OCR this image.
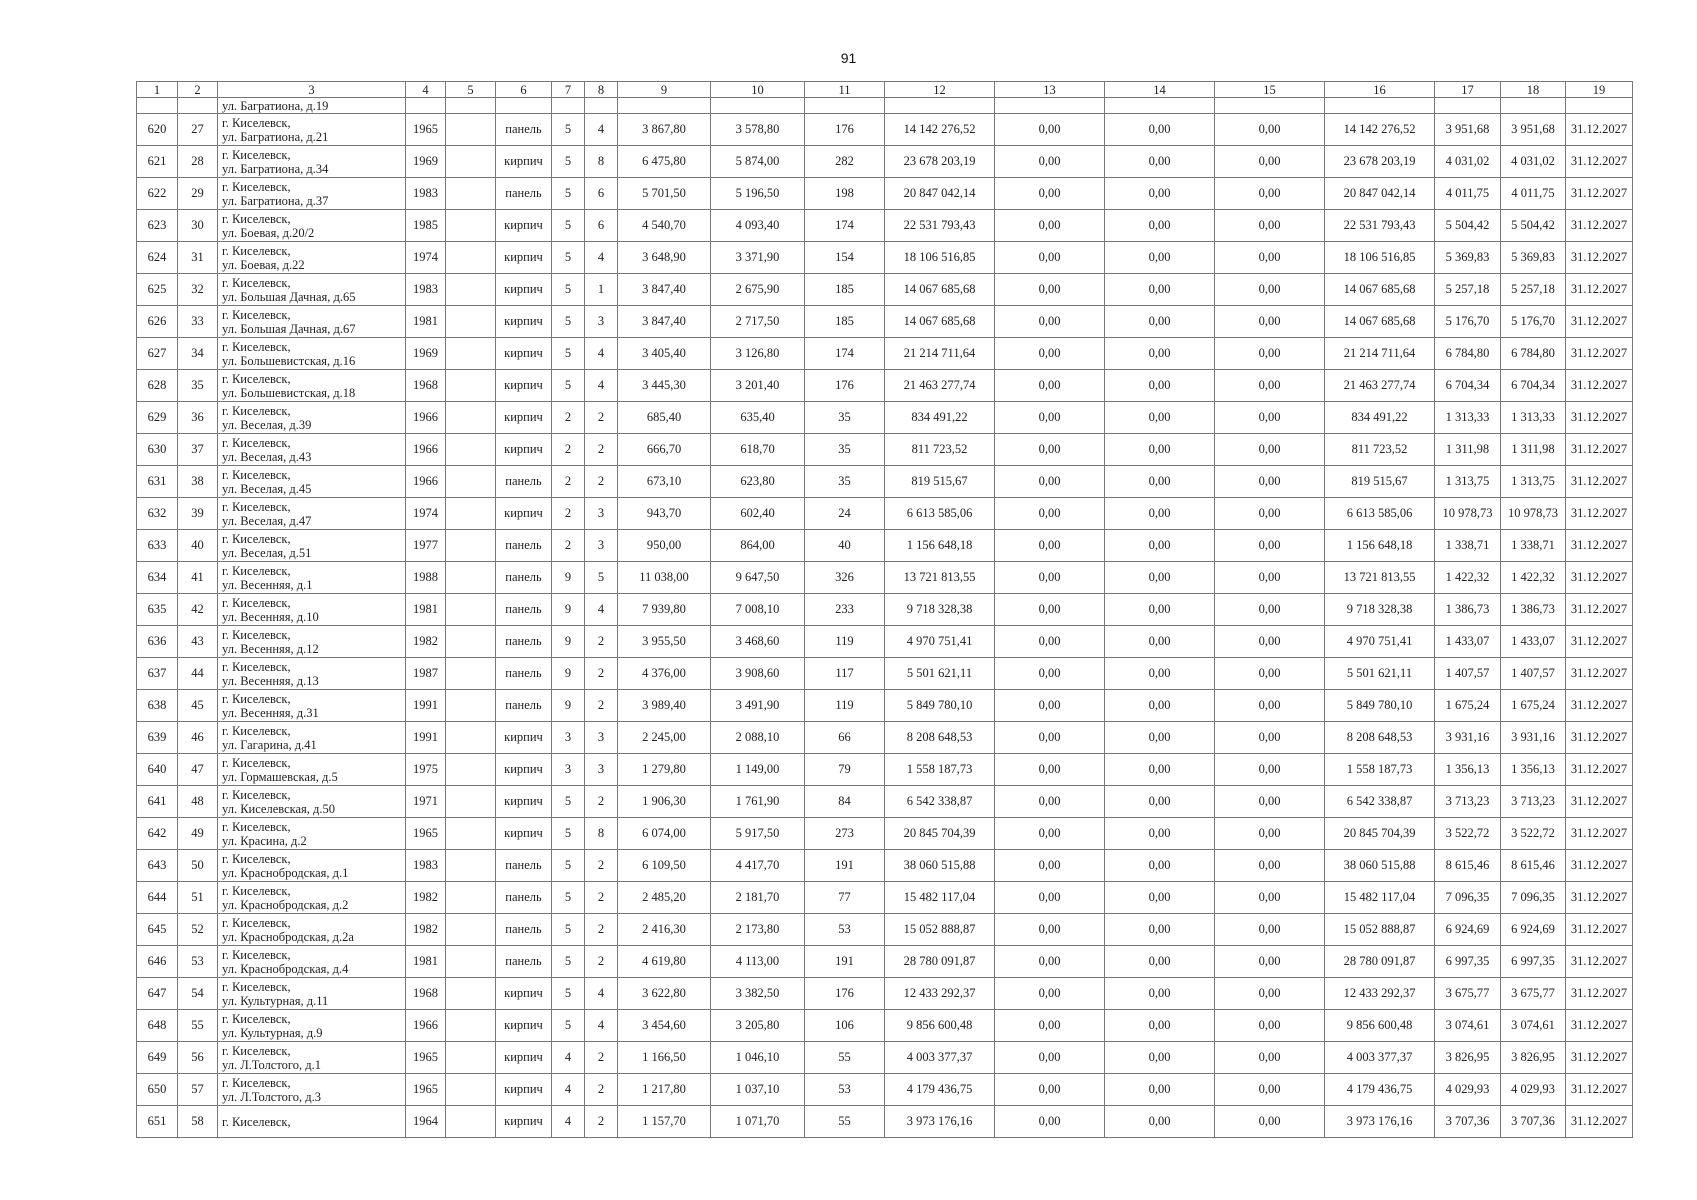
91
1	2	3	4	5	6	7	8	9	10	11	12	13	14	15	16	17	18	19
		ул. Багратиона, д.19																
620	27	г. Киселевск,
ул. Багратиона, д.21	1965		панель	5	4	3 867,80	3 578,80	176	14 142 276,52	0,00	0,00	0,00	14 142 276,52	3 951,68	3 951,68	31.12.2027
621	28	г. Киселевск,
ул. Багратиона, д.34	1969		кирпич	5	8	6 475,80	5 874,00	282	23 678 203,19	0,00	0,00	0,00	23 678 203,19	4 031,02	4 031,02	31.12.2027
622	29	г. Киселевск,
ул. Багратиона, д.37	1983		панель	5	6	5 701,50	5 196,50	198	20 847 042,14	0,00	0,00	0,00	20 847 042,14	4 011,75	4 011,75	31.12.2027
623	30	г. Киселевск,
ул. Боевая, д.20/2	1985		кирпич	5	6	4 540,70	4 093,40	174	22 531 793,43	0,00	0,00	0,00	22 531 793,43	5 504,42	5 504,42	31.12.2027
624	31	г. Киселевск,
ул. Боевая, д.22	1974		кирпич	5	4	3 648,90	3 371,90	154	18 106 516,85	0,00	0,00	0,00	18 106 516,85	5 369,83	5 369,83	31.12.2027
625	32	г. Киселевск,
ул. Большая Дачная, д.65	1983		кирпич	5	1	3 847,40	2 675,90	185	14 067 685,68	0,00	0,00	0,00	14 067 685,68	5 257,18	5 257,18	31.12.2027
626	33	г. Киселевск,
ул. Большая Дачная, д.67	1981		кирпич	5	3	3 847,40	2 717,50	185	14 067 685,68	0,00	0,00	0,00	14 067 685,68	5 176,70	5 176,70	31.12.2027
627	34	г. Киселевск,
ул. Большевистская, д.16	1969		кирпич	5	4	3 405,40	3 126,80	174	21 214 711,64	0,00	0,00	0,00	21 214 711,64	6 784,80	6 784,80	31.12.2027
628	35	г. Киселевск,
ул. Большевистская, д.18	1968		кирпич	5	4	3 445,30	3 201,40	176	21 463 277,74	0,00	0,00	0,00	21 463 277,74	6 704,34	6 704,34	31.12.2027
629	36	г. Киселевск,
ул. Веселая, д.39	1966		кирпич	2	2	685,40	635,40	35	834 491,22	0,00	0,00	0,00	834 491,22	1 313,33	1 313,33	31.12.2027
630	37	г. Киселевск,
ул. Веселая, д.43	1966		кирпич	2	2	666,70	618,70	35	811 723,52	0,00	0,00	0,00	811 723,52	1 311,98	1 311,98	31.12.2027
631	38	г. Киселевск,
ул. Веселая, д.45	1966		панель	2	2	673,10	623,80	35	819 515,67	0,00	0,00	0,00	819 515,67	1 313,75	1 313,75	31.12.2027
632	39	г. Киселевск,
ул. Веселая, д.47	1974		кирпич	2	3	943,70	602,40	24	6 613 585,06	0,00	0,00	0,00	6 613 585,06	10 978,73	10 978,73	31.12.2027
633	40	г. Киселевск,
ул. Веселая, д.51	1977		панель	2	3	950,00	864,00	40	1 156 648,18	0,00	0,00	0,00	1 156 648,18	1 338,71	1 338,71	31.12.2027
634	41	г. Киселевск,
ул. Весенняя, д.1	1988		панель	9	5	11 038,00	9 647,50	326	13 721 813,55	0,00	0,00	0,00	13 721 813,55	1 422,32	1 422,32	31.12.2027
635	42	г. Киселевск,
ул. Весенняя, д.10	1981		панель	9	4	7 939,80	7 008,10	233	9 718 328,38	0,00	0,00	0,00	9 718 328,38	1 386,73	1 386,73	31.12.2027
636	43	г. Киселевск,
ул. Весенняя, д.12	1982		панель	9	2	3 955,50	3 468,60	119	4 970 751,41	0,00	0,00	0,00	4 970 751,41	1 433,07	1 433,07	31.12.2027
637	44	г. Киселевск,
ул. Весенняя, д.13	1987		панель	9	2	4 376,00	3 908,60	117	5 501 621,11	0,00	0,00	0,00	5 501 621,11	1 407,57	1 407,57	31.12.2027
638	45	г. Киселевск,
ул. Весенняя, д.31	1991		панель	9	2	3 989,40	3 491,90	119	5 849 780,10	0,00	0,00	0,00	5 849 780,10	1 675,24	1 675,24	31.12.2027
639	46	г. Киселевск,
ул. Гагарина, д.41	1991		кирпич	3	3	2 245,00	2 088,10	66	8 208 648,53	0,00	0,00	0,00	8 208 648,53	3 931,16	3 931,16	31.12.2027
640	47	г. Киселевск,
ул. Гормашевская, д.5	1975		кирпич	3	3	1 279,80	1 149,00	79	1 558 187,73	0,00	0,00	0,00	1 558 187,73	1 356,13	1 356,13	31.12.2027
641	48	г. Киселевск,
ул. Киселевская, д.50	1971		кирпич	5	2	1 906,30	1 761,90	84	6 542 338,87	0,00	0,00	0,00	6 542 338,87	3 713,23	3 713,23	31.12.2027
642	49	г. Киселевск,
ул. Красина, д.2	1965		кирпич	5	8	6 074,00	5 917,50	273	20 845 704,39	0,00	0,00	0,00	20 845 704,39	3 522,72	3 522,72	31.12.2027
643	50	г. Киселевск,
ул. Краснобродская, д.1	1983		панель	5	2	6 109,50	4 417,70	191	38 060 515,88	0,00	0,00	0,00	38 060 515,88	8 615,46	8 615,46	31.12.2027
644	51	г. Киселевск,
ул. Краснобродская, д.2	1982		панель	5	2	2 485,20	2 181,70	77	15 482 117,04	0,00	0,00	0,00	15 482 117,04	7 096,35	7 096,35	31.12.2027
645	52	г. Киселевск,
ул. Краснобродская, д.2а	1982		панель	5	2	2 416,30	2 173,80	53	15 052 888,87	0,00	0,00	0,00	15 052 888,87	6 924,69	6 924,69	31.12.2027
646	53	г. Киселевск,
ул. Краснобродская, д.4	1981		панель	5	2	4 619,80	4 113,00	191	28 780 091,87	0,00	0,00	0,00	28 780 091,87	6 997,35	6 997,35	31.12.2027
647	54	г. Киселевск,
ул. Культурная, д.11	1968		кирпич	5	4	3 622,80	3 382,50	176	12 433 292,37	0,00	0,00	0,00	12 433 292,37	3 675,77	3 675,77	31.12.2027
648	55	г. Киселевск,
ул. Культурная, д.9	1966		кирпич	5	4	3 454,60	3 205,80	106	9 856 600,48	0,00	0,00	0,00	9 856 600,48	3 074,61	3 074,61	31.12.2027
649	56	г. Киселевск,
ул. Л.Толстого, д.1	1965		кирпич	4	2	1 166,50	1 046,10	55	4 003 377,37	0,00	0,00	0,00	4 003 377,37	3 826,95	3 826,95	31.12.2027
650	57	г. Киселевск,
ул. Л.Толстого, д.3	1965		кирпич	4	2	1 217,80	1 037,10	53	4 179 436,75	0,00	0,00	0,00	4 179 436,75	4 029,93	4 029,93	31.12.2027
651	58	г. Киселевск,	1964		кирпич	4	2	1 157,70	1 071,70	55	3 973 176,16	0,00	0,00	0,00	3 973 176,16	3 707,36	3 707,36	31.12.2027
